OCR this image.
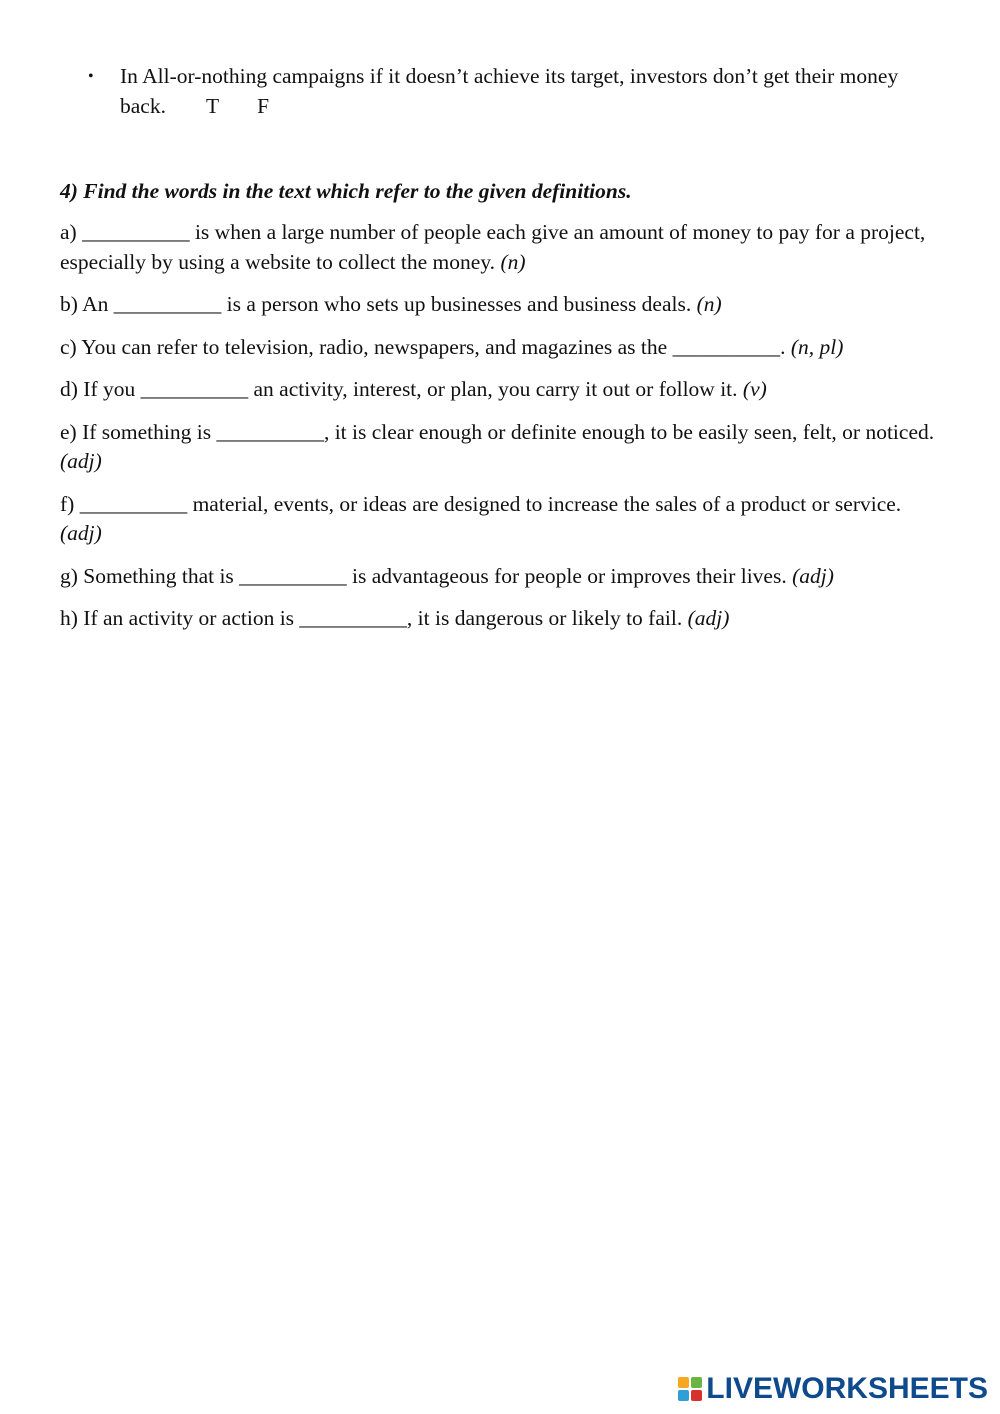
•	In All-or-nothing campaigns if it doesn’t achieve its target, investors don’t get their money back. T F
4) Find the words in the text which refer to the given definitions.

a) __________ is when a large number of people each give an amount of money to pay for a project, especially by using a website to collect the money. (n)

b) An __________ is a person who sets up businesses and business deals. (n)

c) You can refer to television, radio, newspapers, and magazines as the __________. (n, pl)

d) If you __________ an activity, interest, or plan, you carry it out or follow it. (v)

e) If something is __________, it is clear enough or definite enough to be easily seen, felt, or noticed. (adj)

f) __________ material, events, or ideas are designed to increase the sales of a product or service. (adj)

g) Something that is __________ is advantageous for people or improves their lives. (adj)

h) If an activity or action is __________, it is dangerous or likely to fail. (adj)

LIVEWORKSHEETS
